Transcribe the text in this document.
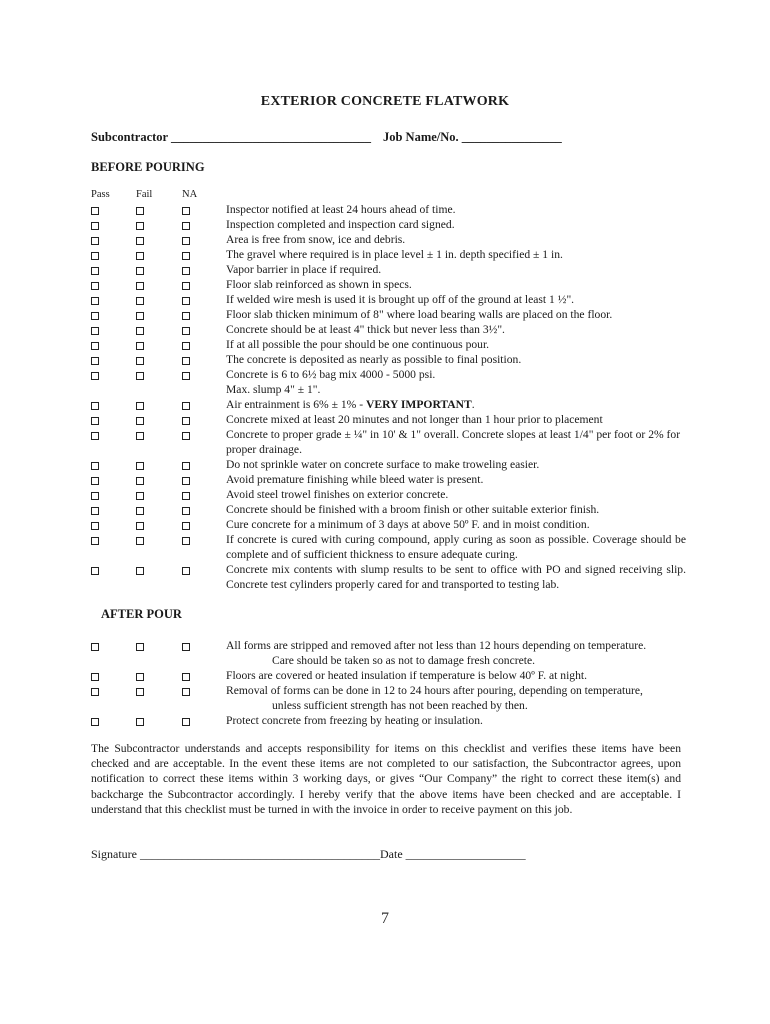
EXTERIOR CONCRETE FLATWORK
Subcontractor ________________________________ Job Name/No. ________________
BEFORE POURING
Pass	Fail	NA
Inspector notified at least 24 hours ahead of time.
Inspection completed and inspection card signed.
Area is free from snow, ice and debris.
The gravel where required is in place level ± 1 in. depth specified ± 1 in.
Vapor barrier in place if required.
Floor slab reinforced as shown in specs.
If welded wire mesh is used it is brought up off of the ground at least 1 ½".
Floor slab thicken minimum of 8" where load bearing walls are placed on the floor.
Concrete should be at least 4" thick but never less than 3½".
If at all possible the pour should be one continuous pour.
The concrete is deposited as nearly as possible to final position.
Concrete is 6 to 6½ bag mix 4000 - 5000 psi.
Max. slump 4" ± 1".
Air entrainment is 6% ± 1% - VERY IMPORTANT.
Concrete mixed at least 20 minutes and not longer than 1 hour prior to placement
Concrete to proper grade ± ¼" in 10' & 1" overall. Concrete slopes at least 1/4" per foot or 2% for proper drainage.
Do not sprinkle water on concrete surface to make troweling easier.
Avoid premature finishing while bleed water is present.
Avoid steel trowel finishes on exterior concrete.
Concrete should be finished with a broom finish or other suitable exterior finish.
Cure concrete for a minimum of 3 days at above 50º F. and in moist condition.
If concrete is cured with curing compound, apply curing as soon as possible. Coverage should be complete and of sufficient thickness to ensure adequate curing.
Concrete mix contents with slump results to be sent to office with PO and signed receiving slip. Concrete test cylinders properly cared for and transported to testing lab.
AFTER POUR
All forms are stripped and removed after not less than 12 hours depending on temperature.
Care should be taken so as not to damage fresh concrete.
Floors are covered or heated insulation if temperature is below 40º F. at night.
Removal of forms can be done in 12 to 24 hours after pouring, depending on temperature,
unless sufficient strength has not been reached by then.
Protect concrete from freezing by heating or insulation.
The Subcontractor understands and accepts responsibility for items on this checklist and verifies these items have been checked and are acceptable. In the event these items are not completed to our satisfaction, the Subcontractor agrees, upon notification to correct these items within 3 working days, or gives “Our Company” the right to correct these item(s) and backcharge the Subcontractor accordingly. I hereby verify that the above items have been checked and are acceptable. I understand that this checklist must be turned in with the invoice in order to receive payment on this job.
Signature ________________________________________Date ____________________
7
